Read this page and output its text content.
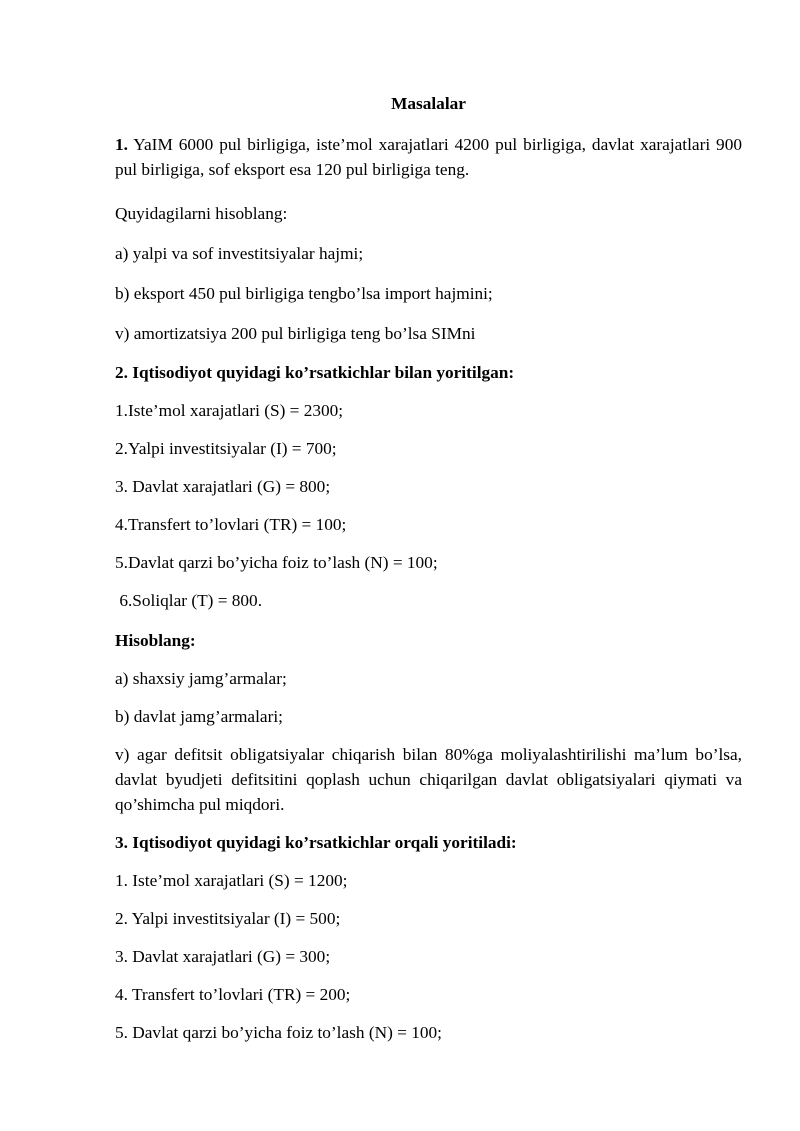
Masalalar
1. YaIM 6000 pul birligiga, iste’mol xarajatlari 4200 pul birligiga, davlat xarajatlari 900 pul birligiga, sof eksport esa 120 pul birligiga teng.
Quyidagilarni hisoblang:
a) yalpi va sof investitsiyalar hajmi;
b) eksport 450 pul birligiga tengbo’lsa import hajmini;
v) amortizatsiya 200 pul birligiga teng bo’lsa SIMni
2. Iqtisodiyot quyidagi ko’rsatkichlar bilan yoritilgan:
1.Iste’mol xarajatlari (S) = 2300;
2.Yalpi investitsiyalar (I) = 700;
3. Davlat xarajatlari (G) = 800;
4.Transfert to’lovlari (TR) = 100;
5.Davlat qarzi bo’yicha foiz to’lash (N) = 100;
6.Soliqlar (T) = 800.
Hisoblang:
a) shaxsiy jamg’armalar;
b) davlat jamg’armalari;
v) agar defitsit obligatsiyalar chiqarish bilan 80%ga moliyalashtirilishi ma’lum bo’lsa, davlat byudjeti defitsitini qoplash uchun chiqarilgan davlat obligatsiyalari qiymati va qo’shimcha pul miqdori.
3. Iqtisodiyot quyidagi ko’rsatkichlar orqali yoritiladi:
1. Iste’mol xarajatlari (S) = 1200;
2. Yalpi investitsiyalar (I) = 500;
3. Davlat xarajatlari (G) = 300;
4. Transfert to’lovlari (TR) = 200;
5. Davlat qarzi bo’yicha foiz to’lash (N) = 100;
